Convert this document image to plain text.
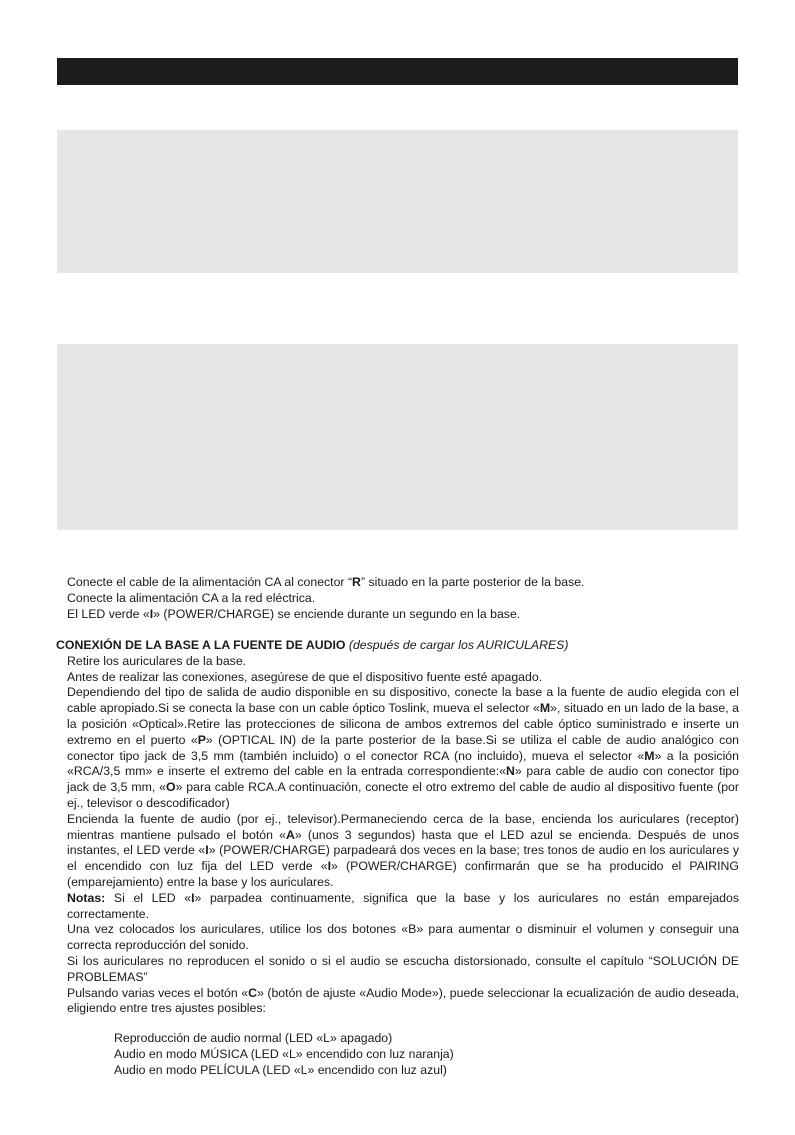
Conecte el cable de la alimentación CA al conector “R” situado en la parte posterior de la base.

Conecte la alimentación CA a la red eléctrica.

El LED verde «I» (POWER/CHARGE) se enciende durante un segundo en la base.

CONEXIÓN DE LA BASE A LA FUENTE DE AUDIO (después de cargar los AURICULARES)

Retire los auriculares de la base.

Antes de realizar las conexiones, asegúrese de que el dispositivo fuente esté apagado.

Dependiendo del tipo de salida de audio disponible en su dispositivo, conecte la base a la fuente de audio elegida con el cable apropiado.Si se conecta la base con un cable óptico Toslink, mueva el selector «M», situado en un lado de la base, a la posición «Optical».Retire las protecciones de silicona de ambos extremos del cable óptico suministrado e inserte un extremo en el puerto «P» (OPTICAL IN) de la parte posterior de la base.Si se utiliza el cable de audio analógico con conector tipo jack de 3,5 mm (también incluido) o el conector RCA (no incluido), mueva el selector «M» a la posición «RCA/3,5 mm» e inserte el extremo del cable en la entrada correspondiente:«N» para cable de audio con conector tipo jack de 3,5 mm, «O» para cable RCA.A continuación, conecte el otro extremo del cable de audio al dispositivo fuente (por ej., televisor o descodificador)

Encienda la fuente de audio (por ej., televisor).Permaneciendo cerca de la base, encienda los auriculares (receptor) mientras mantiene pulsado el botón «A» (unos 3 segundos) hasta que el LED azul se encienda. Después de unos instantes, el LED verde «I» (POWER/CHARGE) parpadeará dos veces en la base; tres tonos de audio en los auriculares y el encendido con luz fija del LED verde «I» (POWER/CHARGE) confirmarán que se ha producido el PAIRING (emparejamiento) entre la base y los auriculares.

Notas: Si el LED «I» parpadea continuamente, significa que la base y los auriculares no están emparejados correctamente.

Una vez colocados los auriculares, utilice los dos botones «B» para aumentar o disminuir el volumen y conseguir una correcta reproducción del sonido.

Si los auriculares no reproducen el sonido o si el audio se escucha distorsionado, consulte el capítulo “SOLUCIÓN DE PROBLEMAS”

Pulsando varias veces el botón «C» (botón de ajuste «Audio Mode»), puede seleccionar la ecualización de audio deseada, eligiendo entre tres ajustes posibles:

Reproducción de audio normal (LED «L» apagado)

Audio en modo MÚSICA (LED «L» encendido con luz naranja)

Audio en modo PELÍCULA (LED «L» encendido con luz azul)
